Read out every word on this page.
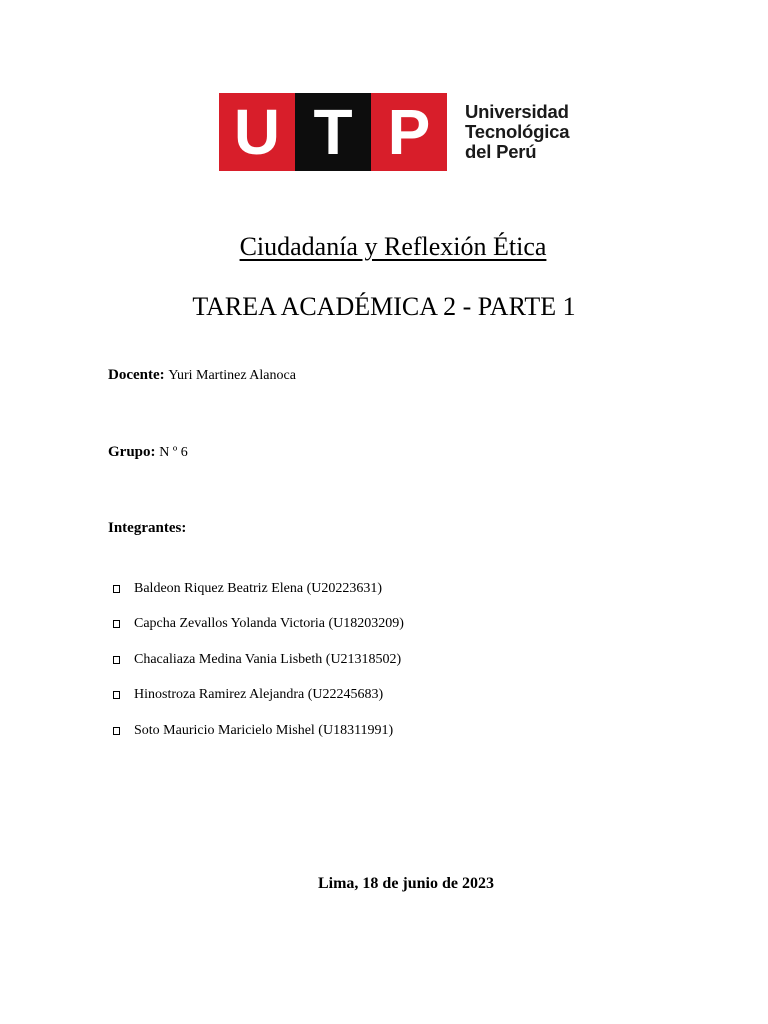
U T P	Universidad
Tecnológica
del Perú
Ciudadanía y Reflexión Ética
TAREA ACADÉMICA 2 - PARTE 1
Docente: Yuri Martinez Alanoca
Grupo: N º 6
Integrantes:
Baldeon Riquez Beatriz Elena (U20223631)
Capcha Zevallos Yolanda Victoria (U18203209)
Chacaliaza Medina Vania Lisbeth (U21318502)
Hinostroza Ramirez Alejandra (U22245683)
Soto Mauricio Maricielo Mishel (U18311991)
Lima, 18 de junio de 2023
